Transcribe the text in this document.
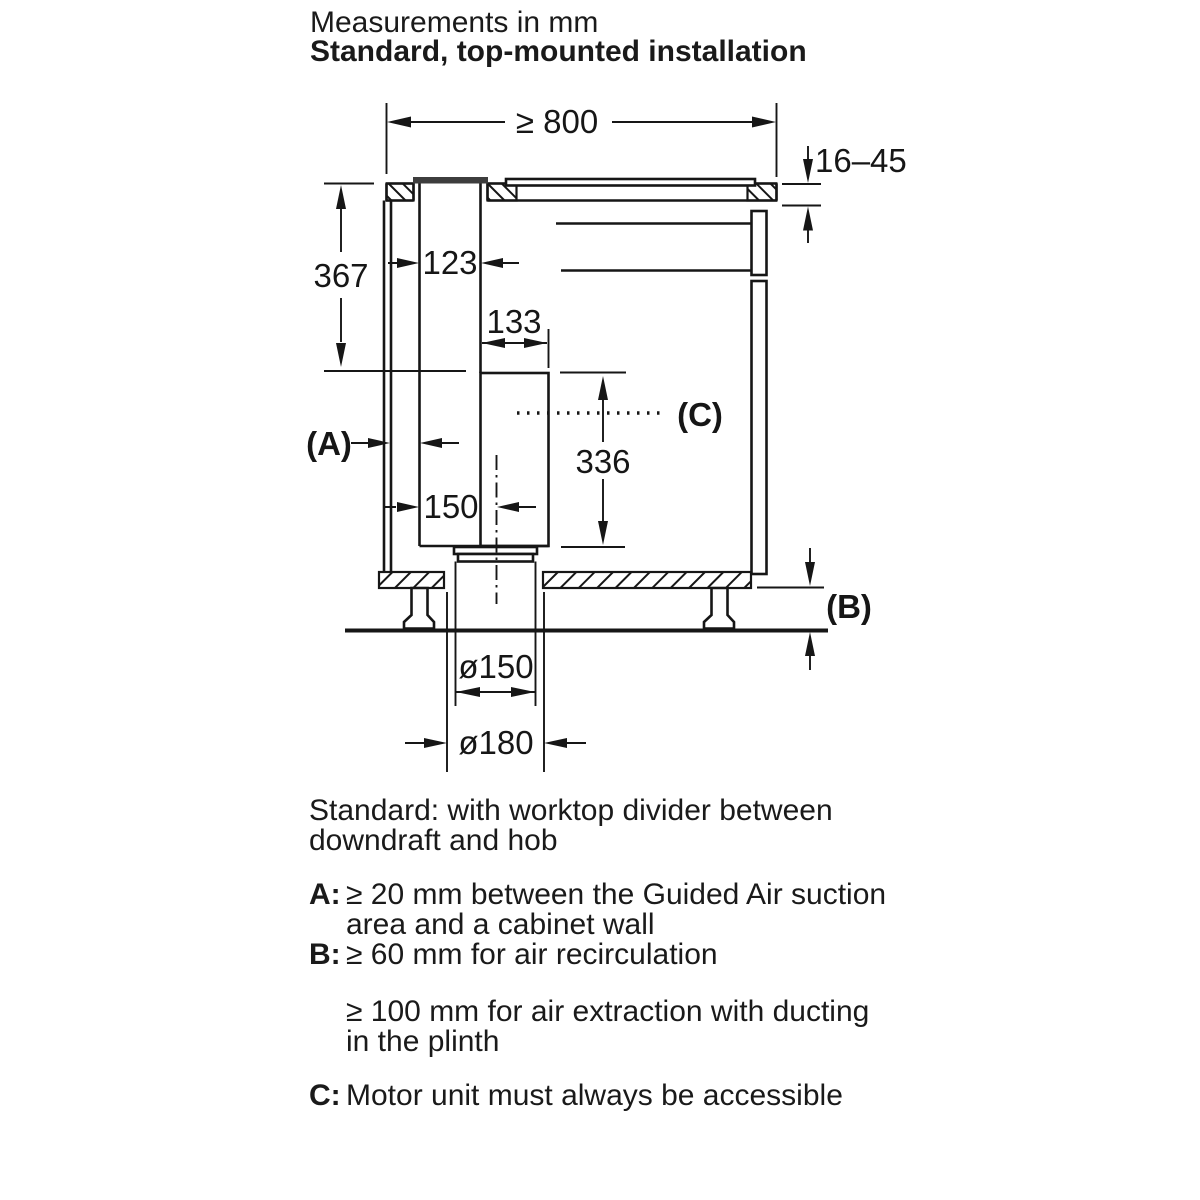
Measurements in mm
Standard, top-mounted installation
≥ 800
16–45
367 123
133
336
150
(A)
(C)
(B)
ø150
ø180
Standard: with worktop divider between
downdraft and hob
A: ≥ 20 mm between the Guided Air suction
area and a cabinet wall
B: ≥ 60 mm for air recirculation
≥ 100 mm for air extraction with ducting
in the plinth
C: Motor unit must always be accessible
